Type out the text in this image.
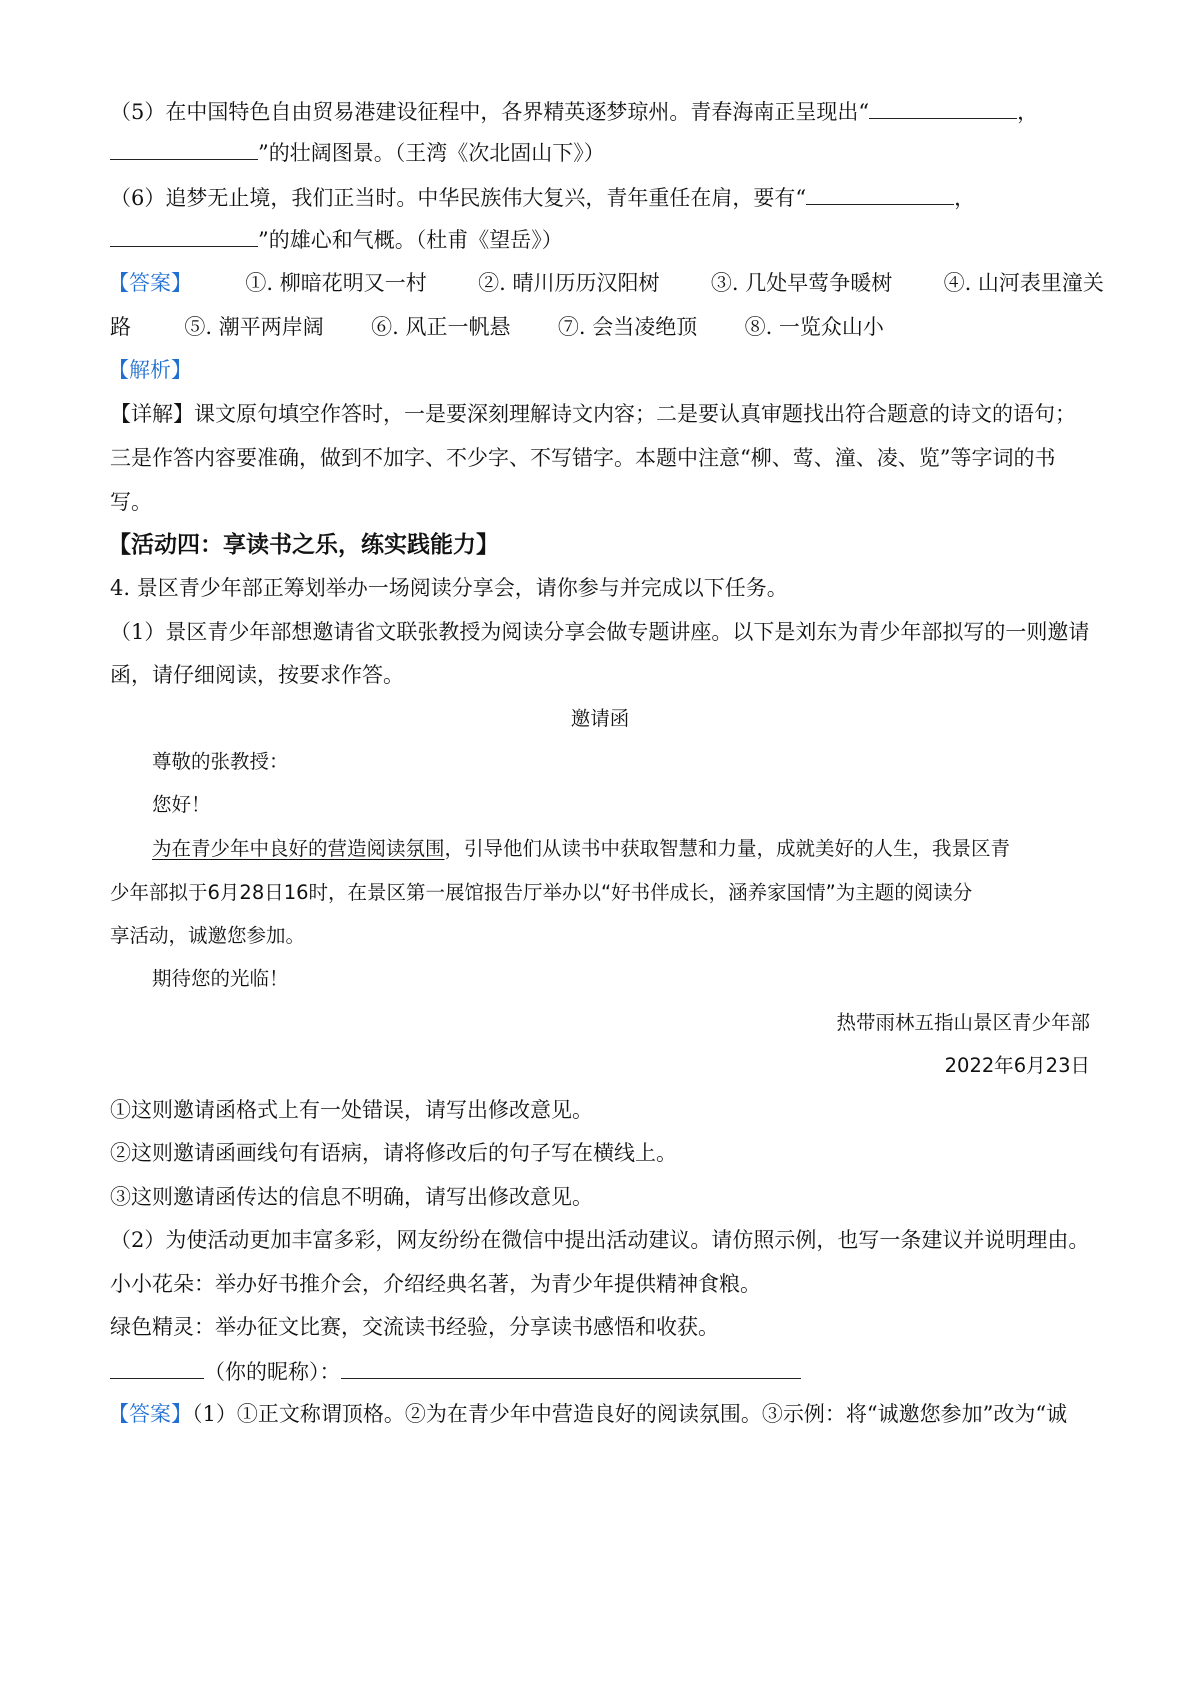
（5）在中国特色自由贸易港建设征程中，各界精英逐梦琼州。青春海南正呈现出“	，
”的壮阔图景。（王湾《次北固山下》）
（6）追梦无止境，我们正当时。中华民族伟大复兴，青年重任在肩，要有“	，
”的雄心和气概。（杜甫《望岳》）
【答案】	①. 柳暗花明又一村 ②. 晴川历历汉阳树 ③. 几处早莺争暖树 ④. 山河表里潼关
路	⑤. 潮平两岸阔 ⑥. 风正一帆悬 ⑦. 会当凌绝顶 ⑧. 一览众山小
【解析】
【详解】课文原句填空作答时，一是要深刻理解诗文内容；二是要认真审题找出符合题意的诗文的语句；
三是作答内容要准确，做到不加字、不少字、不写错字。本题中注意“柳、莺、潼、凌、览”等字词的书
写。
【活动四：享读书之乐，练实践能力】
4. 景区青少年部正筹划举办一场阅读分享会，请你参与并完成以下任务。
（1）景区青少年部想邀请省文联张教授为阅读分享会做专题讲座。以下是刘东为青少年部拟写的一则邀请
函，请仔细阅读，按要求作答。
邀请函
尊敬的张教授：
您好！
为在青少年中良好的营造阅读氛围，引导他们从读书中获取智慧和力量，成就美好的人生，我景区青
少年部拟于6月28日16时，在景区第一展馆报告厅举办以“好书伴成长，涵养家国情”为主题的阅读分
享活动，诚邀您参加。
期待您的光临！
热带雨林五指山景区青少年部
2022年6月23日
①这则邀请函格式上有一处错误，请写出修改意见。
②这则邀请函画线句有语病，请将修改后的句子写在横线上。
③这则邀请函传达的信息不明确，请写出修改意见。
（2）为使活动更加丰富多彩，网友纷纷在微信中提出活动建议。请仿照示例，也写一条建议并说明理由。
小小花朵：举办好书推介会，介绍经典名著，为青少年提供精神食粮。
绿色精灵：举办征文比赛，交流读书经验，分享读书感悟和收获。
（你的昵称）：
【答案】（1）①正文称谓顶格。②为在青少年中营造良好的阅读氛围。③示例：将“诚邀您参加”改为“诚
